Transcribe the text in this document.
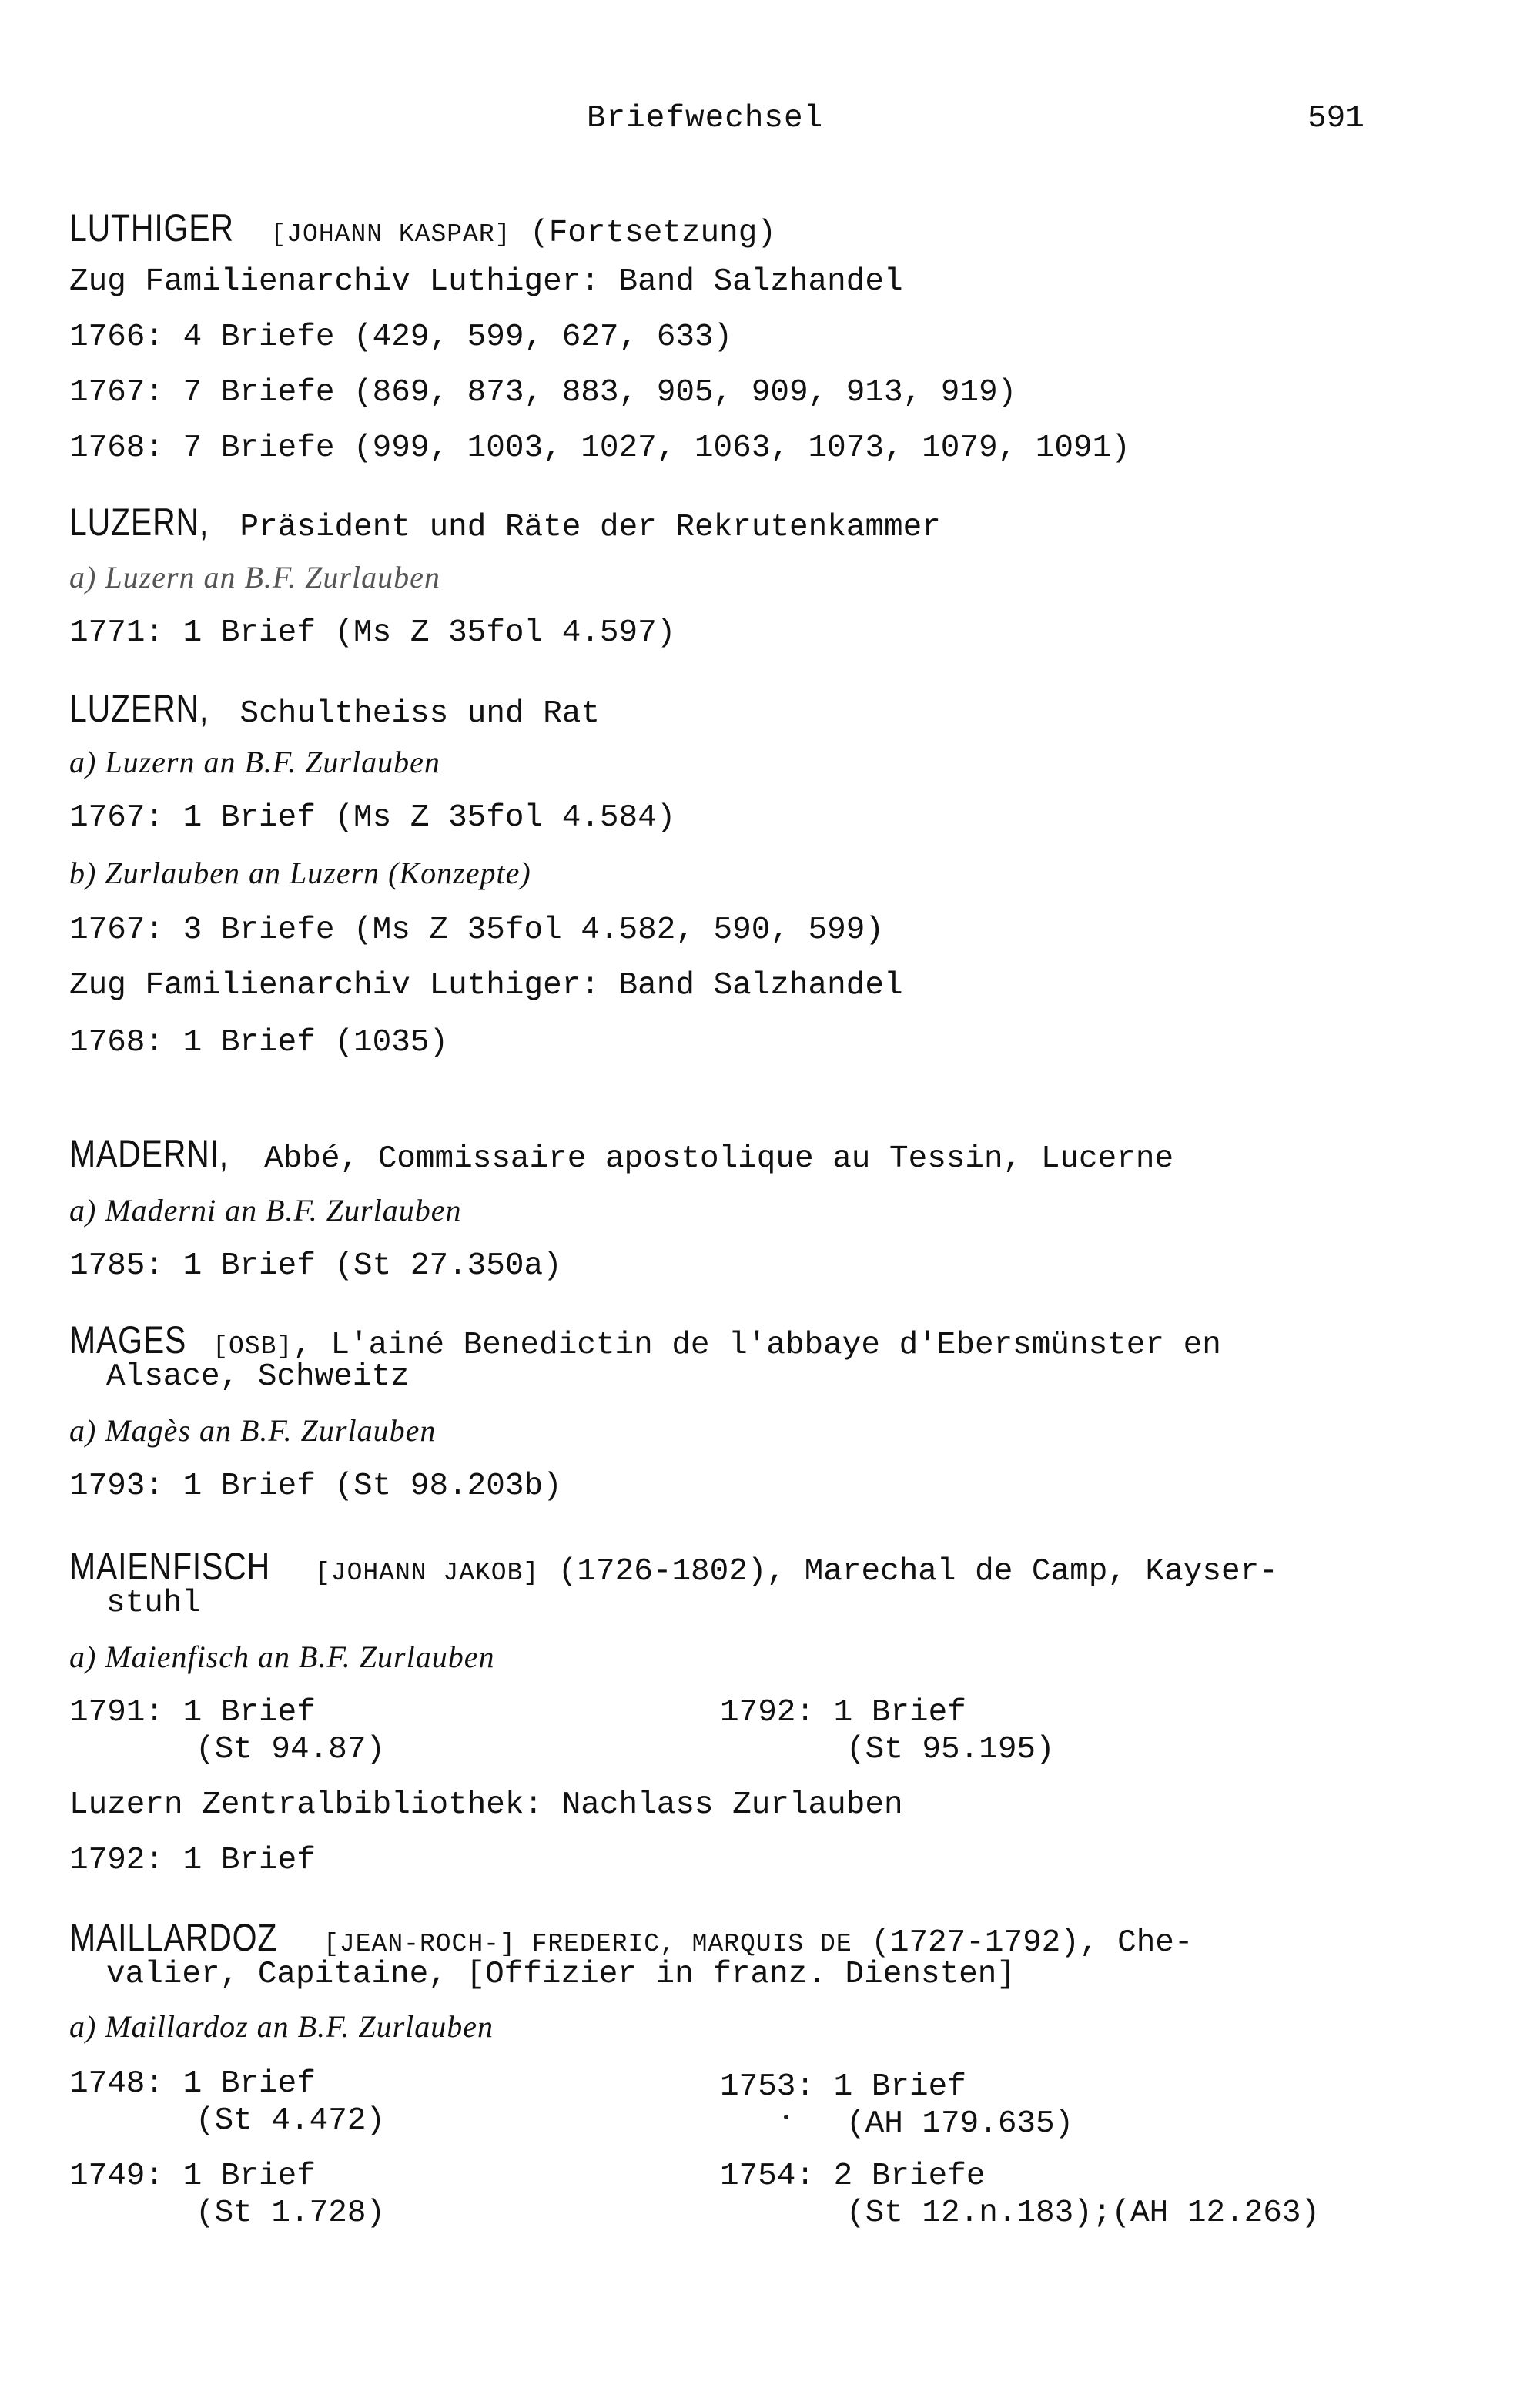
Briefwechsel	591
LUTHIGER [JOHANN KASPAR] (Fortsetzung)
Zug Familienarchiv Luthiger: Band Salzhandel
1766: 4 Briefe (429, 599, 627, 633)
1767: 7 Briefe (869, 873, 883, 905, 909, 913, 919)
1768: 7 Briefe (999, 1003, 1027, 1063, 1073, 1079, 1091)
LUZERN, Präsident und Räte der Rekrutenkammer
a) Luzern an B.F. Zurlauben
1771: 1 Brief (Ms Z 35fol 4.597)
LUZERN, Schultheiss und Rat
a) Luzern an B.F. Zurlauben
1767: 1 Brief (Ms Z 35fol 4.584)
b) Zurlauben an Luzern (Konzepte)
1767: 3 Briefe (Ms Z 35fol 4.582, 590, 599)
Zug Familienarchiv Luthiger: Band Salzhandel
1768: 1 Brief (1035)
MADERNI, Abbé, Commissaire apostolique au Tessin, Lucerne
a) Maderni an B.F. Zurlauben
1785: 1 Brief (St 27.350a)
MAGES [OSB], L'ainé Benedictin de l'abbaye d'Ebersmünster en
Alsace, Schweitz
a) Magès an B.F. Zurlauben
1793: 1 Brief (St 98.203b)
MAIENFISCH [JOHANN JAKOB] (1726-1802), Marechal de Camp, Kayser-
stuhl
a) Maienfisch an B.F. Zurlauben
1791: 1 Brief
(St 94.87)
1792: 1 Brief
(St 95.195)
Luzern Zentralbibliothek: Nachlass Zurlauben
1792: 1 Brief
MAILLARDOZ [JEAN-ROCH-] FREDERIC, MARQUIS DE (1727-1792), Che-
valier, Capitaine, [Offizier in franz. Diensten]
a) Maillardoz an B.F. Zurlauben
1748: 1 Brief
(St 4.472)
1753: 1 Brief
(AH 179.635)
1749: 1 Brief
(St 1.728)
1754: 2 Briefe
(St 12.n.183);(AH 12.263)
